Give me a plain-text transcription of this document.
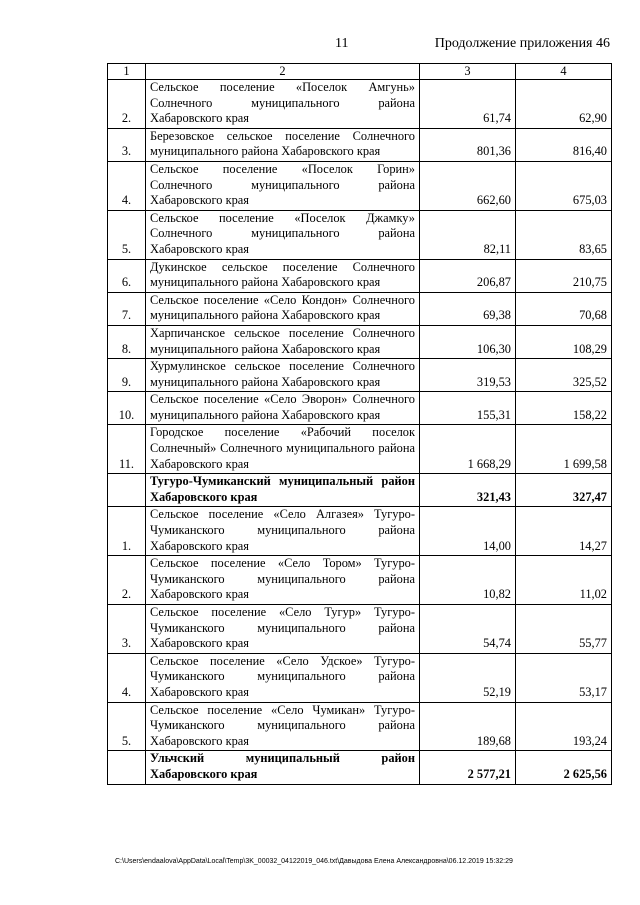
11	Продолжение приложения 46
1	2	3	4
2.	Сельское поселение «Поселок Амгунь» Солнечного муниципального района Хабаровского края	61,74	62,90
3.	Березовское сельское поселение Солнечного муниципального района Хабаровского края	801,36	816,40
4.	Сельское поселение «Поселок Горин» Солнечного муниципального района Хабаровского края	662,60	675,03
5.	Сельское поселение «Поселок Джамку» Солнечного муниципального района Хабаровского края	82,11	83,65
6.	Дукинское сельское поселение Солнечного муниципального района Хабаровского края	206,87	210,75
7.	Сельское поселение «Село Кондон» Солнечного муниципального района Хабаровского края	69,38	70,68
8.	Харпичанское сельское поселение Солнечного муниципального района Хабаровского края	106,30	108,29
9.	Хурмулинское сельское поселение Солнечного муниципального района Хабаровского края	319,53	325,52
10.	Сельское поселение «Село Эворон» Солнечного муниципального района Хабаровского края	155,31	158,22
11.	Городское поселение «Рабочий поселок Солнечный» Солнечного муниципального района Хабаровского края	1 668,29	1 699,58
	Тугуро-Чумиканский муниципальный район Хабаровского края	321,43	327,47
1.	Сельское поселение «Село Алгазея» Тугуро-Чумиканского муниципального района Хабаровского края	14,00	14,27
2.	Сельское поселение «Село Тором» Тугуро-Чумиканского муниципального района Хабаровского края	10,82	11,02
3.	Сельское поселение «Село Тугур» Тугуро-Чумиканского муниципального района Хабаровского края	54,74	55,77
4.	Сельское поселение «Село Удское» Тугуро-Чумиканского муниципального района Хабаровского края	52,19	53,17
5.	Сельское поселение «Село Чумикан» Тугуро-Чумиканского муниципального района Хабаровского края	189,68	193,24
	Ульчский муниципальный район Хабаровского края	2 577,21	2 625,56
C:\Users\endaalova\AppData\Local\Temp\3K_00032_04122019_046.txt\Давыдова Елена Александровна\06.12.2019 15:32:29
